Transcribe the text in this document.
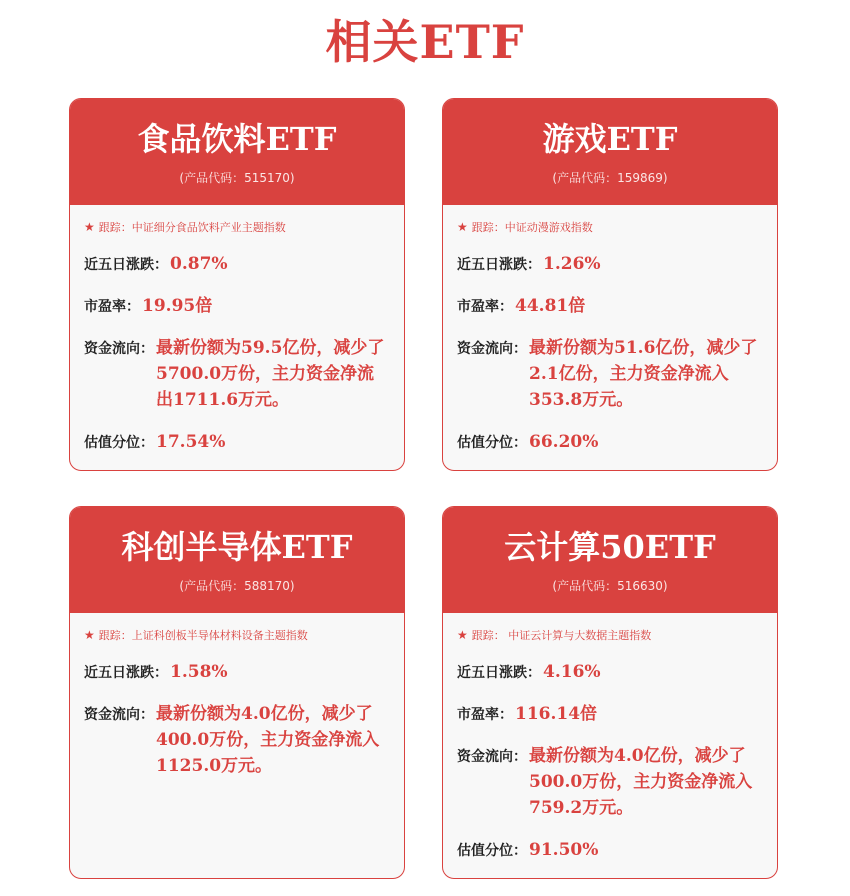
相关ETF
食品饮料ETF
(产品代码：515170)
★ 跟踪：中证细分食品饮料产业主题指数
近五日涨跌： 0.87%
市盈率： 19.95倍
资金流向： 最新份额为59.5亿份，减少了5700.0万份，主力资金净流出1711.6万元。
估值分位： 17.54%
游戏ETF
(产品代码：159869)
★ 跟踪：中证动漫游戏指数
近五日涨跌： 1.26%
市盈率： 44.81倍
资金流向： 最新份额为51.6亿份，减少了2.1亿份，主力资金净流入353.8万元。
估值分位： 66.20%
科创半导体ETF
(产品代码：588170)
★ 跟踪：上证科创板半导体材料设备主题指数
近五日涨跌： 1.58%
资金流向： 最新份额为4.0亿份，减少了400.0万份，主力资金净流入1125.0万元。
云计算50ETF
(产品代码：516630)
★ 跟踪： 中证云计算与大数据主题指数
近五日涨跌： 4.16%
市盈率： 116.14倍
资金流向： 最新份额为4.0亿份，减少了500.0万份，主力资金净流入759.2万元。
估值分位： 91.50%
